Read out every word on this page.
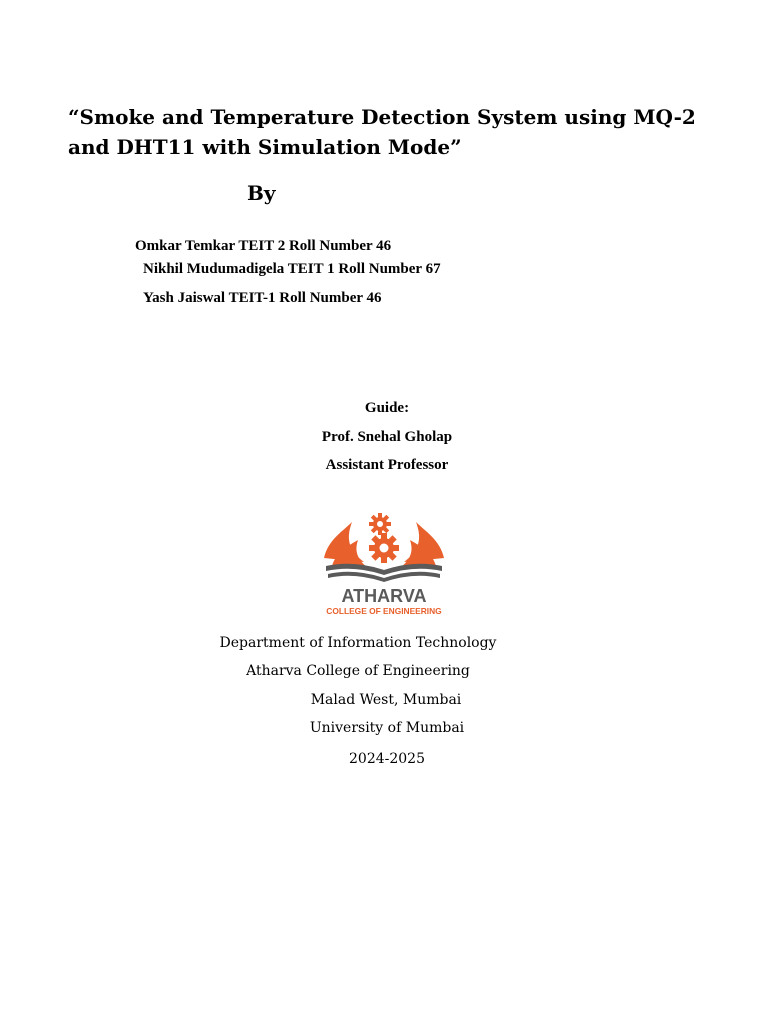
“Smoke and Temperature Detection System using MQ-2
and DHT11 with Simulation Mode”
By
Omkar Temkar TEIT 2 Roll Number 46
Nikhil Mudumadigela TEIT 1 Roll Number 67
Yash Jaiswal TEIT-1 Roll Number 46
Guide:
Prof. Snehal Gholap
Assistant Professor
ATHARVA
COLLEGE OF ENGINEERING
Department of Information Technology
Atharva College of Engineering
Malad West, Mumbai
University of Mumbai
2024-2025
